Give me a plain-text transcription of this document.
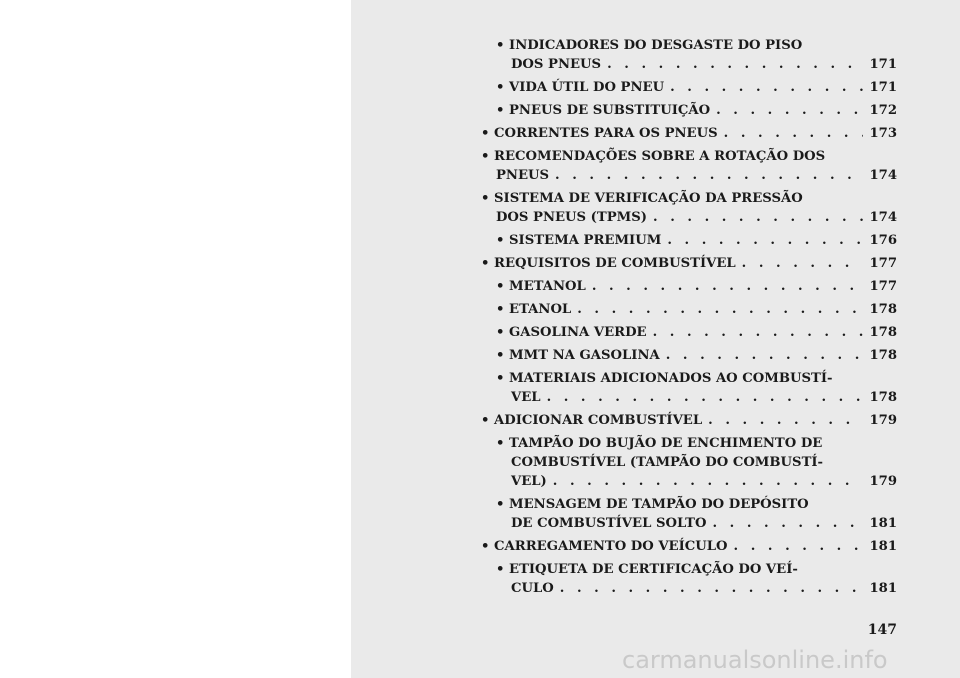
• INDICADORES DO DESGASTE DO PISO
DOS PNEUS . . .	171
• VIDA ÚTIL DO PNEU . . .	171
• PNEUS DE SUBSTITUIÇÃO . . .	172
• CORRENTES PARA OS PNEUS . . .	173
• RECOMENDAÇÕES SOBRE A ROTAÇÃO DOS
PNEUS . . .	174
• SISTEMA DE VERIFICAÇÃO DA PRESSÃO
DOS PNEUS (TPMS) . . .	174
• SISTEMA PREMIUM . . .	176
• REQUISITOS DE COMBUSTÍVEL . . .	177
• METANOL . . .	177
• ETANOL . . .	178
• GASOLINA VERDE . . .	178
• MMT NA GASOLINA . . .	178
• MATERIAIS ADICIONADOS AO COMBUSTÍ-
VEL . . .	178
• ADICIONAR COMBUSTÍVEL . . .	179
• TAMPÃO DO BUJÃO DE ENCHIMENTO DE
COMBUSTÍVEL (TAMPÃO DO COMBUSTÍ-
VEL) . . .	179
• MENSAGEM DE TAMPÃO DO DEPÓSITO
DE COMBUSTÍVEL SOLTO . . .	181
• CARREGAMENTO DO VEÍCULO . . .	181
• ETIQUETA DE CERTIFICAÇÃO DO VEÍ-
CULO . . .	181
147
carmanualsonline.info
